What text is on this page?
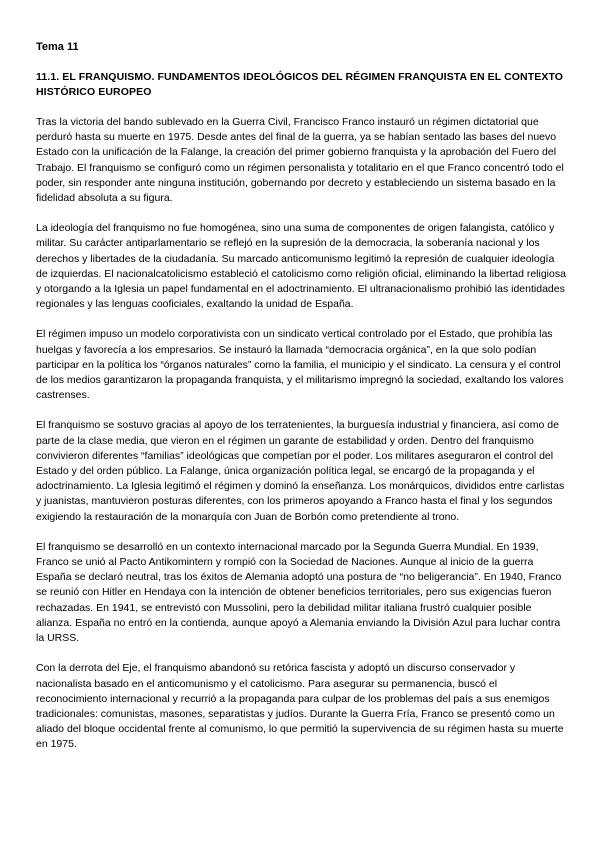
Tema 11
11.1. EL FRANQUISMO. FUNDAMENTOS IDEOLÓGICOS DEL RÉGIMEN FRANQUISTA EN EL CONTEXTO HISTÓRICO EUROPEO

Tras la victoria del bando sublevado en la Guerra Civil, Francisco Franco instauró un régimen dictatorial que perduró hasta su muerte en 1975. Desde antes del final de la guerra, ya se habían sentado las bases del nuevo Estado con la unificación de la Falange, la creación del primer gobierno franquista y la aprobación del Fuero del Trabajo. El franquismo se configuró como un régimen personalista y totalitario en el que Franco concentró todo el poder, sin responder ante ninguna institución, gobernando por decreto y estableciendo un sistema basado en la fidelidad absoluta a su figura.

La ideología del franquismo no fue homogénea, sino una suma de componentes de origen falangista, católico y militar. Su carácter antiparlamentario se reflejó en la supresión de la democracia, la soberanía nacional y los derechos y libertades de la ciudadanía. Su marcado anticomunismo legitimó la represión de cualquier ideología de izquierdas. El nacionalcatolicismo estableció el catolicismo como religión oficial, eliminando la libertad religiosa y otorgando a la Iglesia un papel fundamental en el adoctrinamiento. El ultranacionalismo prohibió las identidades regionales y las lenguas cooficiales, exaltando la unidad de España.

El régimen impuso un modelo corporativista con un sindicato vertical controlado por el Estado, que prohibía las huelgas y favorecía a los empresarios. Se instauró la llamada “democracia orgánica”, en la que solo podían participar en la política los “órganos naturales” como la familia, el municipio y el sindicato. La censura y el control de los medios garantizaron la propaganda franquista, y el militarismo impregnó la sociedad, exaltando los valores castrenses.

El franquismo se sostuvo gracias al apoyo de los terratenientes, la burguesía industrial y financiera, así como de parte de la clase media, que vieron en el régimen un garante de estabilidad y orden. Dentro del franquismo convivieron diferentes “familias” ideológicas que competían por el poder. Los militares aseguraron el control del Estado y del orden público. La Falange, única organización política legal, se encargó de la propaganda y el adoctrinamiento. La Iglesia legitimó el régimen y dominó la enseñanza. Los monárquicos, divididos entre carlistas y juanistas, mantuvieron posturas diferentes, con los primeros apoyando a Franco hasta el final y los segundos exigiendo la restauración de la monarquía con Juan de Borbón como pretendiente al trono.

El franquismo se desarrolló en un contexto internacional marcado por la Segunda Guerra Mundial. En 1939, Franco se unió al Pacto Antikomintern y rompió con la Sociedad de Naciones. Aunque al inicio de la guerra España se declaró neutral, tras los éxitos de Alemania adoptó una postura de “no beligerancia”. En 1940, Franco se reunió con Hitler en Hendaya con la intención de obtener beneficios territoriales, pero sus exigencias fueron rechazadas. En 1941, se entrevistó con Mussolini, pero la debilidad militar italiana frustró cualquier posible alianza. España no entró en la contienda, aunque apoyó a Alemania enviando la División Azul para luchar contra la URSS.

Con la derrota del Eje, el franquismo abandonó su retórica fascista y adoptó un discurso conservador y nacionalista basado en el anticomunismo y el catolicismo. Para asegurar su permanencia, buscó el reconocimiento internacional y recurrió a la propaganda para culpar de los problemas del país a sus enemigos tradicionales: comunistas, masones, separatistas y judíos. Durante la Guerra Fría, Franco se presentó como un aliado del bloque occidental frente al comunismo, lo que permitió la supervivencia de su régimen hasta su muerte en 1975.
